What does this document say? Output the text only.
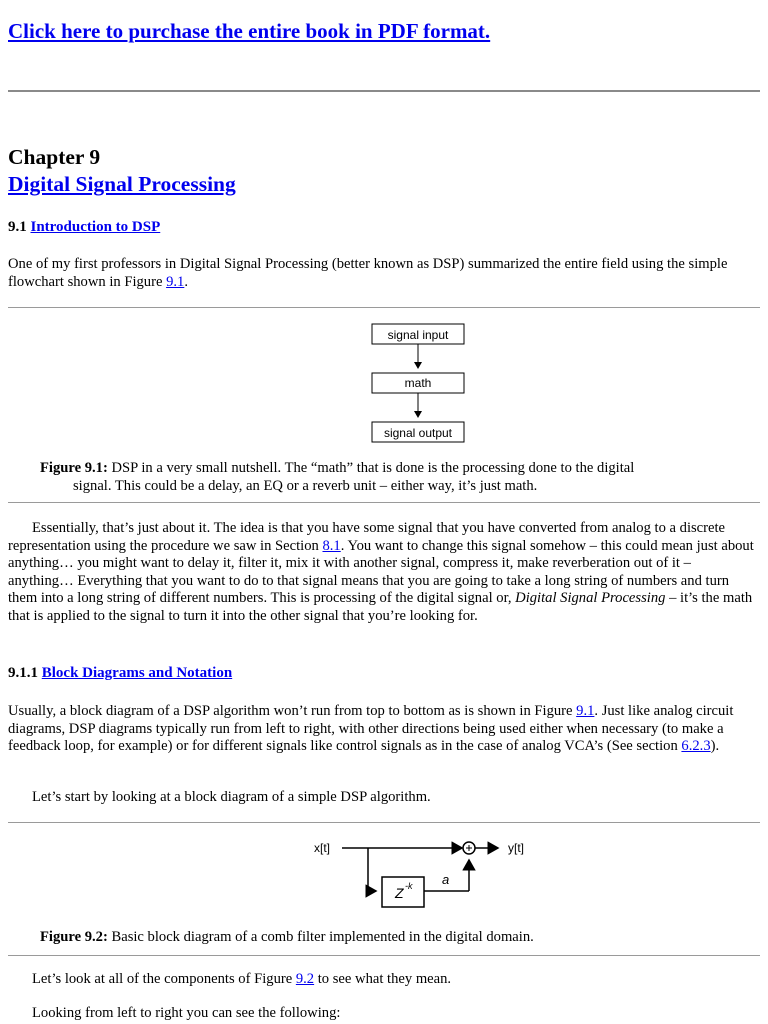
Click here to purchase the entire book in PDF format.
Chapter 9
Digital Signal Processing
9.1 Introduction to DSP
One of my first professors in Digital Signal Processing (better known as DSP) summarized the entire field using the simple flowchart shown in Figure 9.1.
signal input
math
signal output
Figure 9.1: DSP in a very small nutshell. The “math” that is done is the processing done to the digital
signal. This could be a delay, an EQ or a reverb unit – either way, it’s just math.
Essentially, that’s just about it. The idea is that you have some signal that you have converted from analog to a discrete representation using the procedure we saw in Section 8.1. You want to change this signal somehow – this could mean just about anything… you might want to delay it, filter it, mix it with another signal, compress it, make reverberation out of it – anything… Everything that you want to do to that signal means that you are going to take a long string of numbers and turn them into a long string of different numbers. This is processing of the digital signal or, Digital Signal Processing – it’s the math that is applied to the signal to turn it into the other signal that you’re looking for.
9.1.1 Block Diagrams and Notation
Usually, a block diagram of a DSP algorithm won’t run from top to bottom as is shown in Figure 9.1. Just like analog circuit diagrams, DSP diagrams typically run from left to right, with other directions being used either when necessary (to make a feedback loop, for example) or for different signals like control signals as in the case of analog VCA’s (See section 6.2.3).
Let’s start by looking at a block diagram of a simple DSP algorithm.
x[t]	y[t]
Z -k a
Figure 9.2: Basic block diagram of a comb filter implemented in the digital domain.
Let’s look at all of the components of Figure 9.2 to see what they mean.
Looking from left to right you can see the following:
